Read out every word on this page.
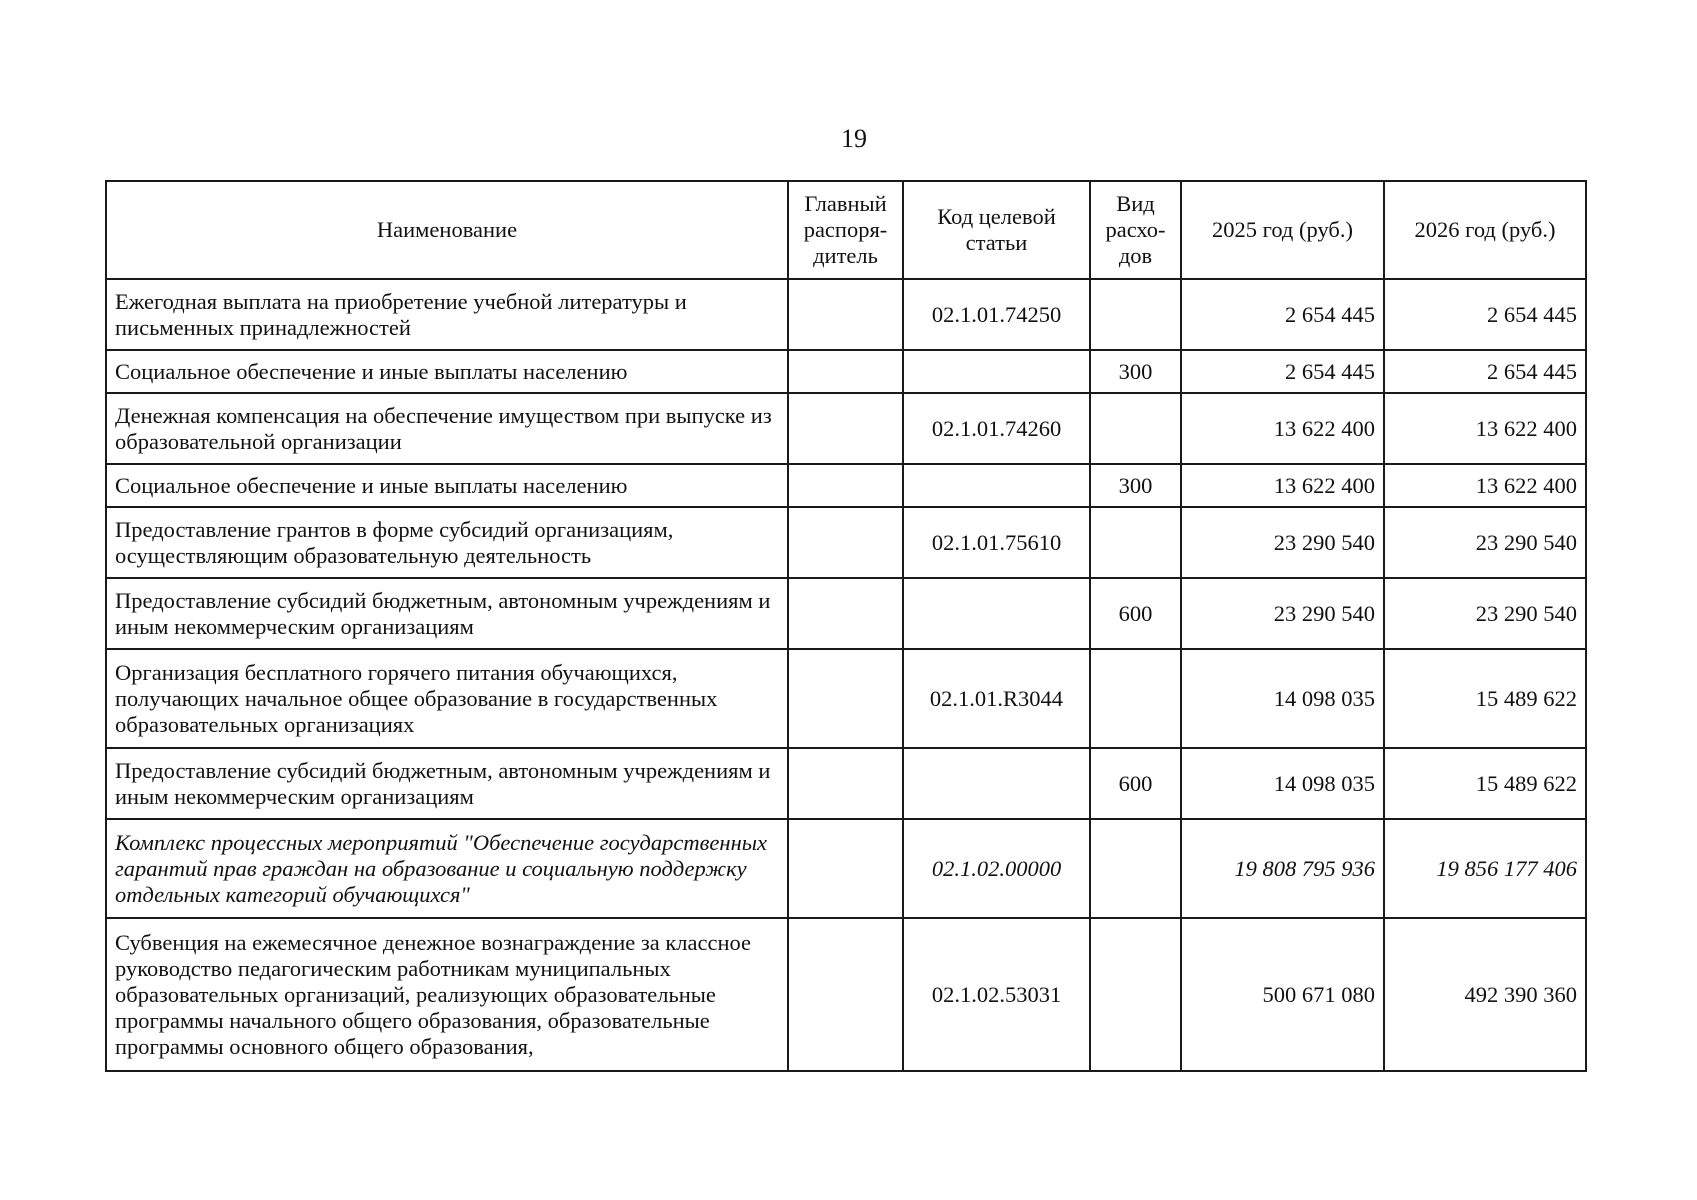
19
Наименование	Главный распоря-дитель	Код целевой статьи	Вид расхо-дов	2025 год (руб.)	2026 год (руб.)
Ежегодная выплата на приобретение учебной литературы и письменных принадлежностей		02.1.01.74250		2 654 445	2 654 445
Социальное обеспечение и иные выплаты населению			300	2 654 445	2 654 445
Денежная компенсация на обеспечение имуществом при выпуске из образовательной организации		02.1.01.74260		13 622 400	13 622 400
Социальное обеспечение и иные выплаты населению			300	13 622 400	13 622 400
Предоставление грантов в форме субсидий организациям, осуществляющим образовательную деятельность		02.1.01.75610		23 290 540	23 290 540
Предоставление субсидий бюджетным, автономным учреждениям и иным некоммерческим организациям			600	23 290 540	23 290 540
Организация бесплатного горячего питания обучающихся, получающих начальное общее образование в государственных образовательных организациях		02.1.01.R3044		14 098 035	15 489 622
Предоставление субсидий бюджетным, автономным учреждениям и иным некоммерческим организациям			600	14 098 035	15 489 622
Комплекс процессных мероприятий "Обеспечение государственных гарантий прав граждан на образование и социальную поддержку отдельных категорий обучающихся"		02.1.02.00000		19 808 795 936	19 856 177 406
Субвенция на ежемесячное денежное вознаграждение за классное руководство педагогическим работникам муниципальных образовательных организаций, реализующих образовательные программы начального общего образования, образовательные программы основного общего образования,		02.1.02.53031		500 671 080	492 390 360
